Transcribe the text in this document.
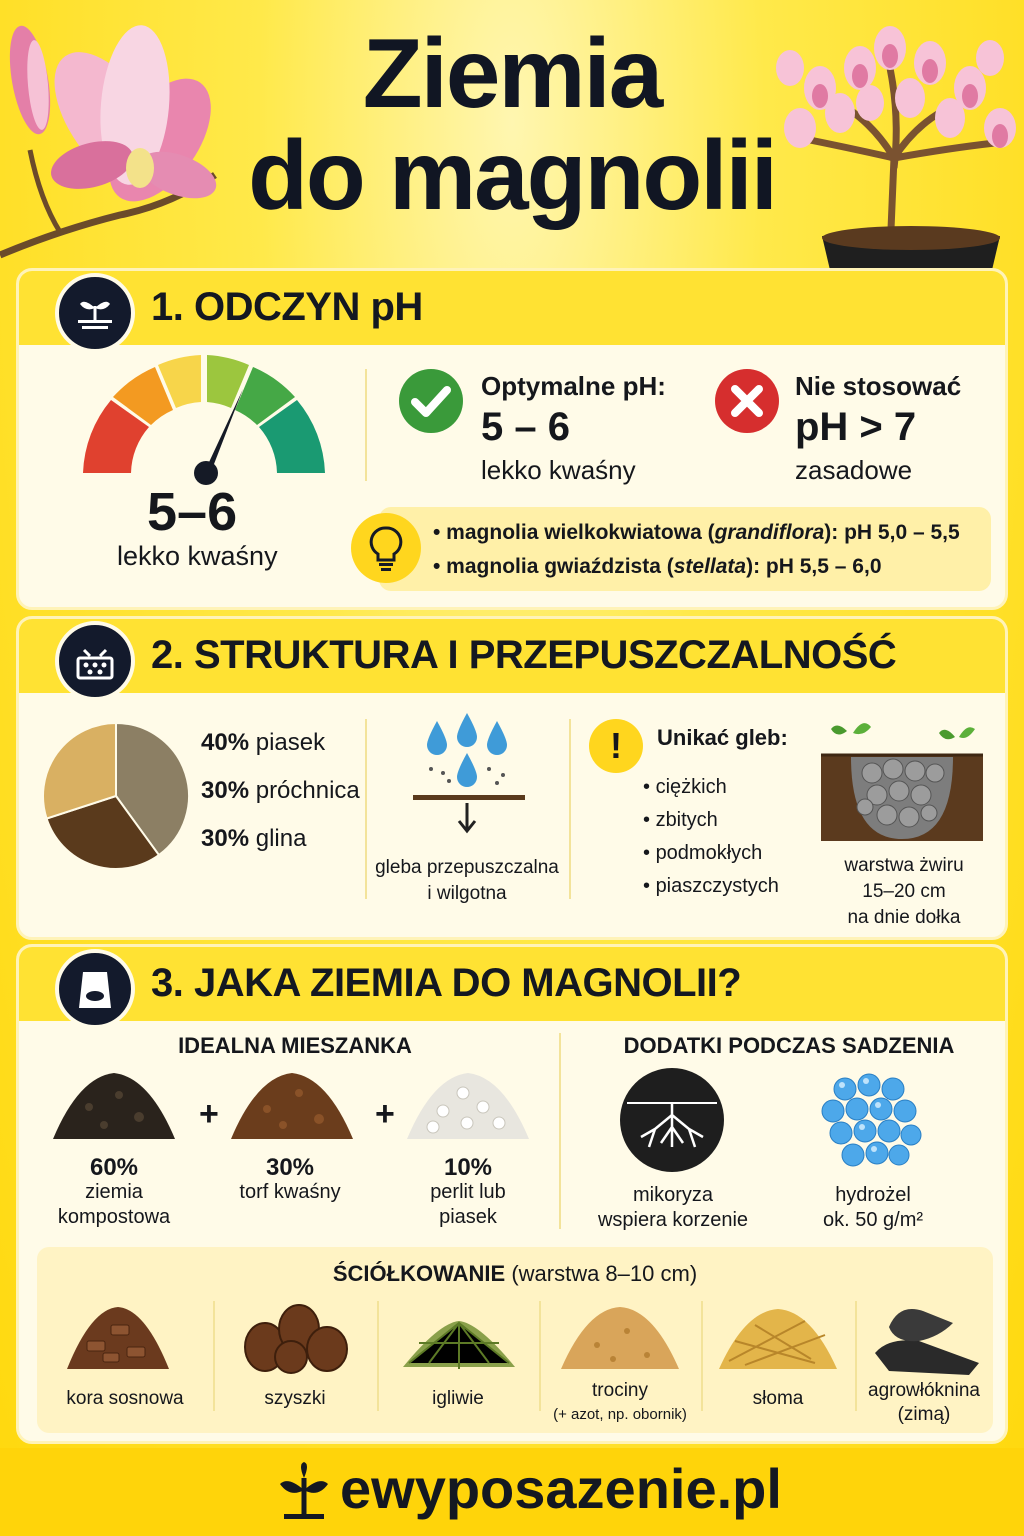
Ziemia
do magnolii
1. ODCZYN pH
5–6
lekko kwaśny
Optymalne pH:
5 – 6
lekko kwaśny
Nie stosować
pH > 7
zasadowe
• magnolia wielkokwiatowa (grandiflora): pH 5,0 – 5,5
• magnolia gwiaździsta (stellata): pH 5,5 – 6,0
2. STRUKTURA I PRZEPUSZCZALNOŚĆ
40% piasek
30% próchnica
30% glina
gleba przepuszczalna
i wilgotna
!	Unikać gleb:
• ciężkich
• zbitych
• podmokłych
• piaszczystych
warstwa żwiru
15–20 cm
na dnie dołka
3. JAKA ZIEMIA DO MAGNOLII?
IDEALNA MIESZANKA	DODATKI PODCZAS SADZENIA
+	+
60%
ziemia
kompostowa
30%
torf kwaśny
10%
perlit lub
piasek
mikoryza
wspiera korzenie
hydrożel
ok. 50 g/m²
ŚCIÓŁKOWANIE (warstwa 8–10 cm)
kora sosnowa	szyszki	igliwie	trociny
(+ azot, np. obornik)
słoma	agrowłóknina
(zimą)
ewyposazenie.pl
